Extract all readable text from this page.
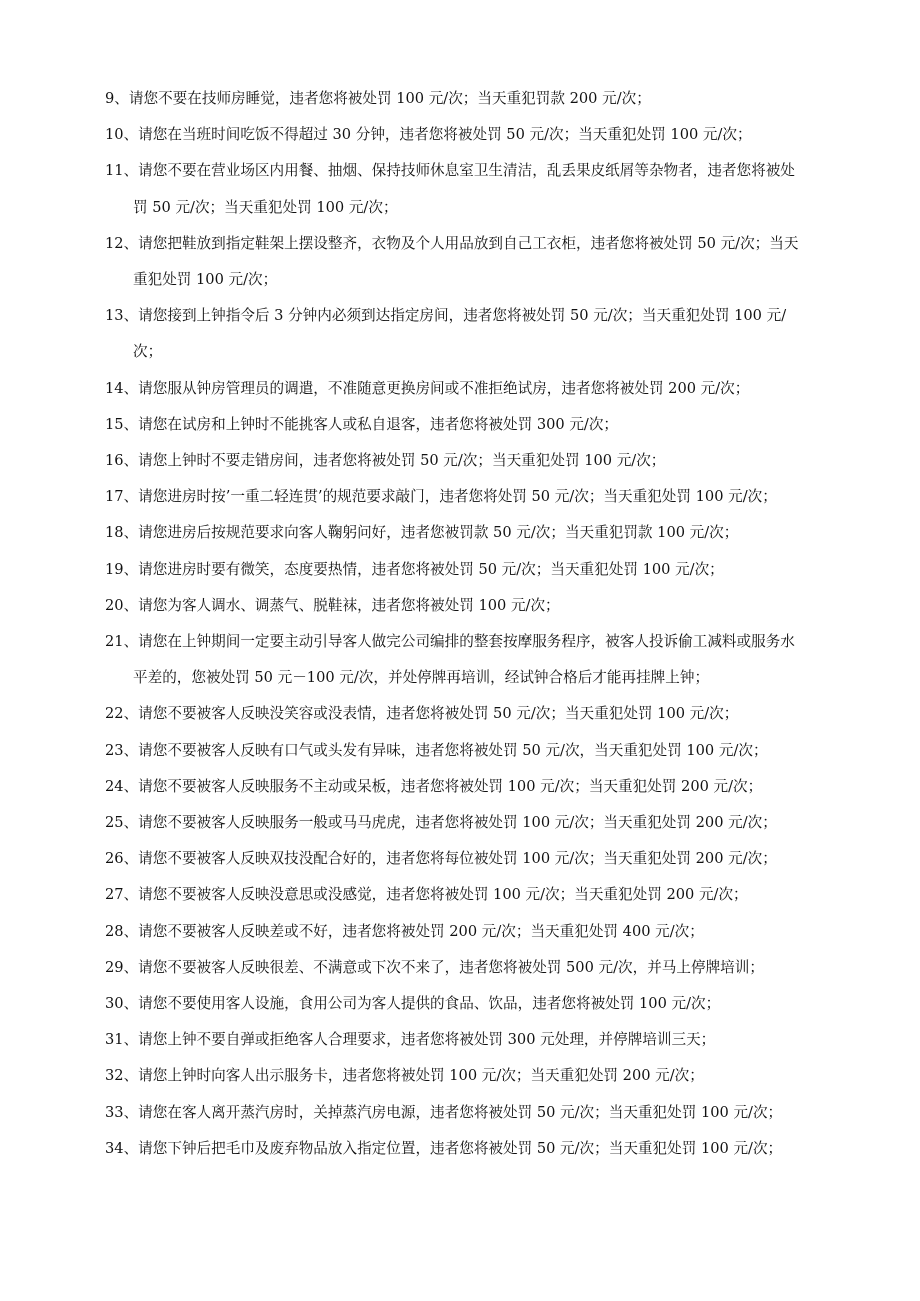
9、请您不要在技师房睡觉，违者您将被处罚 100 元/次；当天重犯罚款 200 元/次；
10、请您在当班时间吃饭不得超过 30 分钟，违者您将被处罚 50 元/次；当天重犯处罚 100 元/次；
11、请您不要在营业场区内用餐、抽烟、保持技师休息室卫生清洁，乱丢果皮纸屑等杂物者，违者您将被处
罚 50 元/次；当天重犯处罚 100 元/次；
12、请您把鞋放到指定鞋架上摆设整齐，衣物及个人用品放到自己工衣柜，违者您将被处罚 50 元/次；当天
重犯处罚 100 元/次；
13、请您接到上钟指令后 3 分钟内必须到达指定房间，违者您将被处罚 50 元/次；当天重犯处罚 100 元/
次；
14、请您服从钟房管理员的调遣，不准随意更换房间或不准拒绝试房，违者您将被处罚 200 元/次；
15、请您在试房和上钟时不能挑客人或私自退客，违者您将被处罚 300 元/次；
16、请您上钟时不要走错房间，违者您将被处罚 50 元/次；当天重犯处罚 100 元/次；
17、请您进房时按’一重二轻连贯’的规范要求敲门，违者您将处罚 50 元/次；当天重犯处罚 100 元/次；
18、请您进房后按规范要求向客人鞠躬问好，违者您被罚款 50 元/次；当天重犯罚款 100 元/次；
19、请您进房时要有微笑，态度要热情，违者您将被处罚 50 元/次；当天重犯处罚 100 元/次；
20、请您为客人调水、调蒸气、脱鞋袜，违者您将被处罚 100 元/次；
21、请您在上钟期间一定要主动引导客人做完公司编排的整套按摩服务程序，被客人投诉偷工减料或服务水
平差的，您被处罚 50 元－100 元/次，并处停牌再培训，经试钟合格后才能再挂牌上钟；
22、请您不要被客人反映没笑容或没表情，违者您将被处罚 50 元/次；当天重犯处罚 100 元/次；
23、请您不要被客人反映有口气或头发有异味，违者您将被处罚 50 元/次，当天重犯处罚 100 元/次；
24、请您不要被客人反映服务不主动或呆板，违者您将被处罚 100 元/次；当天重犯处罚 200 元/次；
25、请您不要被客人反映服务一般或马马虎虎，违者您将被处罚 100 元/次；当天重犯处罚 200 元/次；
26、请您不要被客人反映双技没配合好的，违者您将每位被处罚 100 元/次；当天重犯处罚 200 元/次；
27、请您不要被客人反映没意思或没感觉，违者您将被处罚 100 元/次；当天重犯处罚 200 元/次；
28、请您不要被客人反映差或不好，违者您将被处罚 200 元/次；当天重犯处罚 400 元/次；
29、请您不要被客人反映很差、不满意或下次不来了，违者您将被处罚 500 元/次，并马上停牌培训；
30、请您不要使用客人设施，食用公司为客人提供的食品、饮品，违者您将被处罚 100 元/次；
31、请您上钟不要自弹或拒绝客人合理要求，违者您将被处罚 300 元处理，并停牌培训三天；
32、请您上钟时向客人出示服务卡，违者您将被处罚 100 元/次；当天重犯处罚 200 元/次；
33、请您在客人离开蒸汽房时，关掉蒸汽房电源，违者您将被处罚 50 元/次；当天重犯处罚 100 元/次；
34、请您下钟后把毛巾及废弃物品放入指定位置，违者您将被处罚 50 元/次；当天重犯处罚 100 元/次；
